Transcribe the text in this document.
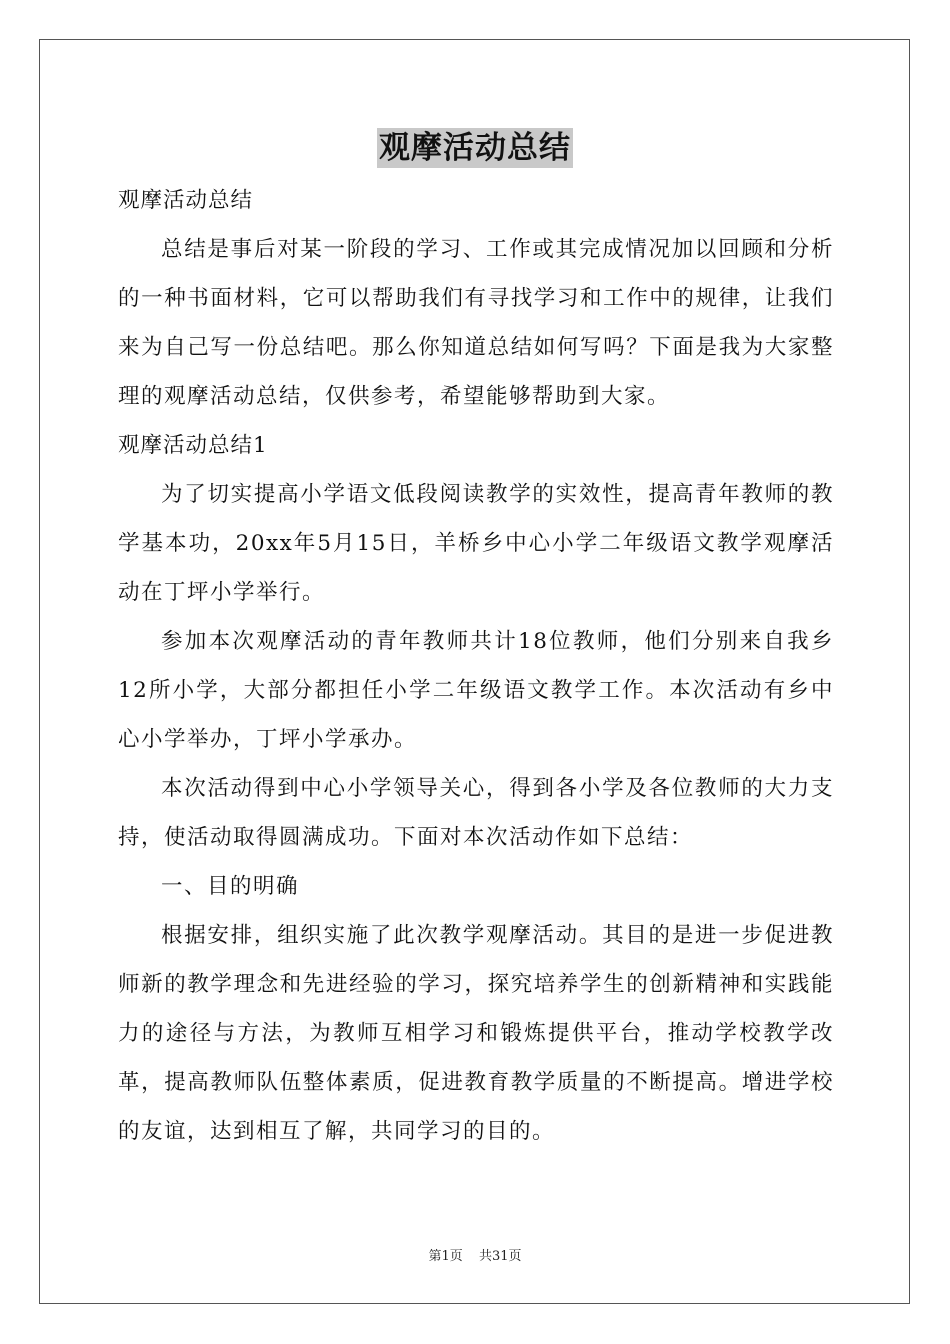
观摩活动总结

观摩活动总结

总结是事后对某一阶段的学习、工作或其完成情况加以回顾和分析的一种书面材料，它可以帮助我们有寻找学习和工作中的规律，让我们来为自己写一份总结吧。那么你知道总结如何写吗？下面是我为大家整理的观摩活动总结，仅供参考，希望能够帮助到大家。

观摩活动总结1

为了切实提高小学语文低段阅读教学的实效性，提高青年教师的教学基本功，20xx年5月15日，羊桥乡中心小学二年级语文教学观摩活动在丁坪小学举行。

参加本次观摩活动的青年教师共计18位教师，他们分别来自我乡12所小学，大部分都担任小学二年级语文教学工作。本次活动有乡中心小学举办，丁坪小学承办。

本次活动得到中心小学领导关心，得到各小学及各位教师的大力支持，使活动取得圆满成功。下面对本次活动作如下总结：

一、目的明确

根据安排，组织实施了此次教学观摩活动。其目的是进一步促进教师新的教学理念和先进经验的学习，探究培养学生的创新精神和实践能力的途径与方法，为教师互相学习和锻炼提供平台，推动学校教学改革，提高教师队伍整体素质，促进教育教学质量的不断提高。增进学校的友谊，达到相互了解，共同学习的目的。

第1页 共31页
